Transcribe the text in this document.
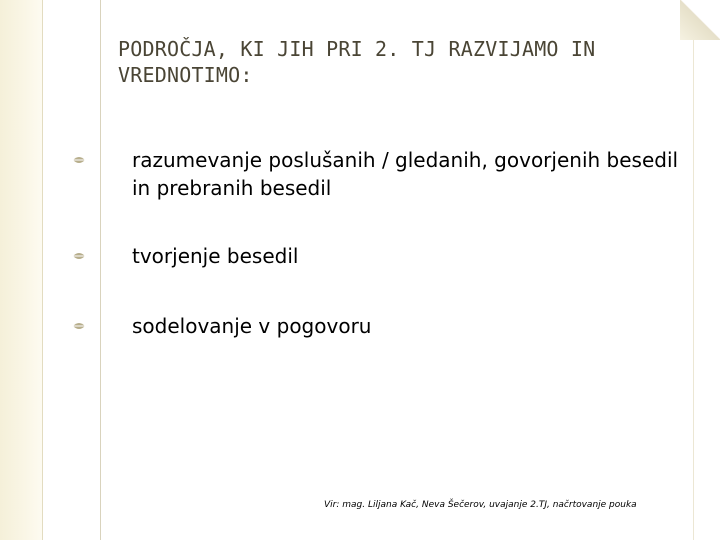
PODROČJA, KI JIH PRI 2. TJ RAZVIJAMO IN
VREDNOTIMO:
razumevanje poslušanih / gledanih, govorjenih besedil in prebranih besedil
tvorjenje besedil
sodelovanje v pogovoru
Vir: mag. Liljana Kač, Neva Šečerov, uvajanje 2.TJ, načrtovanje pouka
